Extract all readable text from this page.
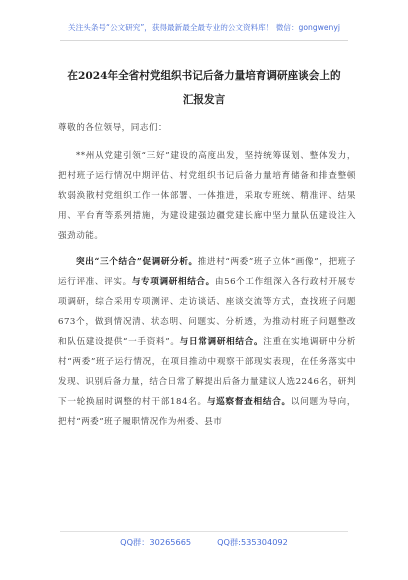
关注头条号“公文研究”，获得最新最全最专业的公文资料库！ 微信：gongwenyj
在2024年全省村党组织书记后备力量培育调研座谈会上的
汇报发言

尊敬的各位领导，同志们：

**州从党建引领“三好”建设的高度出发，坚持统筹谋划、整体发力，把村班子运行情况中期评估、村党组织书记后备力量培育储备和排查整顿软弱涣散村党组织工作一体部署、一体推进，采取专班统、精准评、结果用、平台育等系列措施，为建设建强边疆党建长廊中坚力量队伍建设注入强劲动能。

突出“三个结合”促调研分析。推进村“两委”班子立体“画像”，把班子运行评准、评实。与专项调研相结合。由56个工作组深入各行政村开展专项调研，综合采用专项测评、走访谈话、座谈交流等方式，查找班子问题673个，做到情况清、状态明、问题实、分析透，为推动村班子问题整改和队伍建设提供“一手资料”。与日常调研相结合。注重在实地调研中分析村“两委”班子运行情况，在项目推动中观察干部现实表现，在任务落实中发现、识别后备力量，结合日常了解提出后备力量建议人选2246名，研判下一轮换届时调整的村干部184名。与巡察督查相结合。以问题为导向，把村“两委”班子履职情况作为州委、县市

QQ群：30265665	QQ群:535304092
